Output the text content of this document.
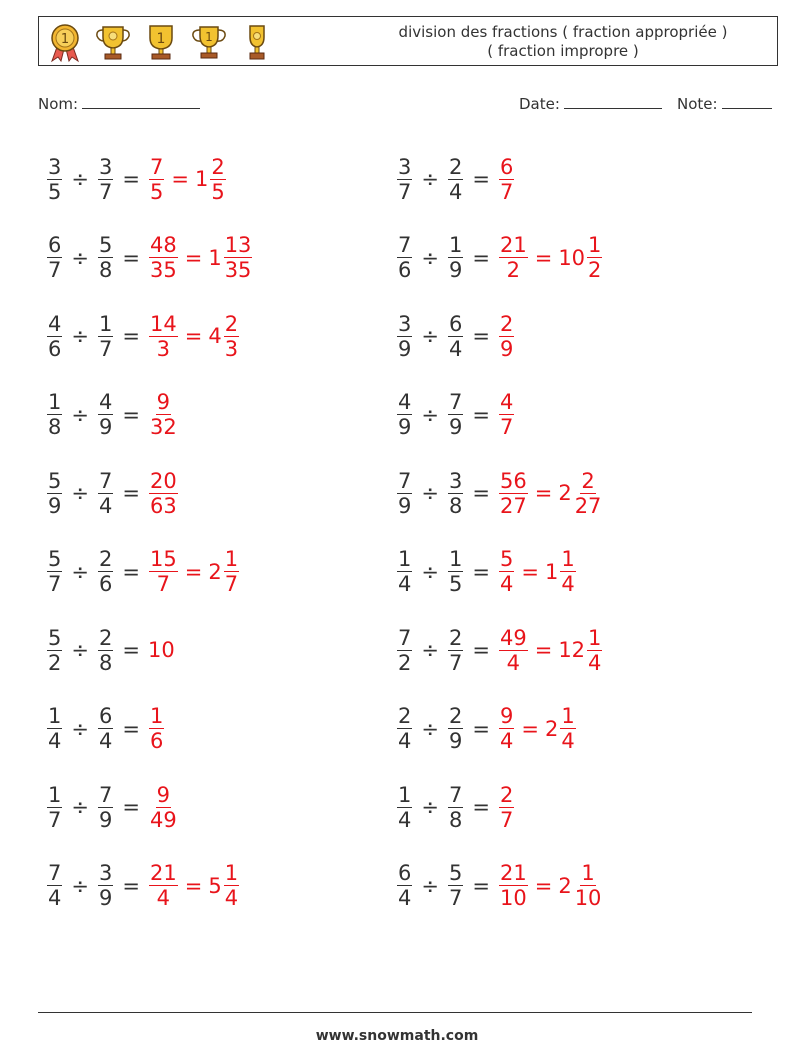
1	1	1	division des fractions ( fraction appropriée )
( fraction impropre )
Nom:	Date:	Note:
$\frac{3}{5} \div \frac{3}{7} = \frac{7}{5} = 1 \frac{2}{5}$
$\frac{6}{7} \div \frac{5}{8} = \frac{48}{35} = 1 \frac{13}{35}$
$\frac{4}{6} \div \frac{1}{7} = \frac{14}{3} = 4 \frac{2}{3}$
$\frac{1}{8} \div \frac{4}{9} = \frac{9}{32}$
$\frac{5}{9} \div \frac{7}{4} = \frac{20}{63}$
$\frac{5}{7} \div \frac{2}{6} = \frac{15}{7} = 2 \frac{1}{7}$
$\frac{5}{2} \div \frac{2}{8} = 10$
$\frac{1}{4} \div \frac{6}{4} = \frac{1}{6}$
$\frac{1}{7} \div \frac{7}{9} = \frac{9}{49}$
$\frac{7}{4} \div \frac{3}{9} = \frac{21}{4} = 5 \frac{1}{4}$
$\frac{3}{7} \div \frac{2}{4} = \frac{6}{7}$
$\frac{7}{6} \div \frac{1}{9} = \frac{21}{2} = 10 \frac{1}{2}$
$\frac{3}{9} \div \frac{6}{4} = \frac{2}{9}$
$\frac{4}{9} \div \frac{7}{9} = \frac{4}{7}$
$\frac{7}{9} \div \frac{3}{8} = \frac{56}{27} = 2 \frac{2}{27}$
$\frac{1}{4} \div \frac{1}{5} = \frac{5}{4} = 1 \frac{1}{4}$
$\frac{7}{2} \div \frac{2}{7} = \frac{49}{4} = 12 \frac{1}{4}$
$\frac{2}{4} \div \frac{2}{9} = \frac{9}{4} = 2 \frac{1}{4}$
$\frac{1}{4} \div \frac{7}{8} = \frac{2}{7}$
$\frac{6}{4} \div \frac{5}{7} = \frac{21}{10} = 2 \frac{1}{10}$
www.snowmath.com
